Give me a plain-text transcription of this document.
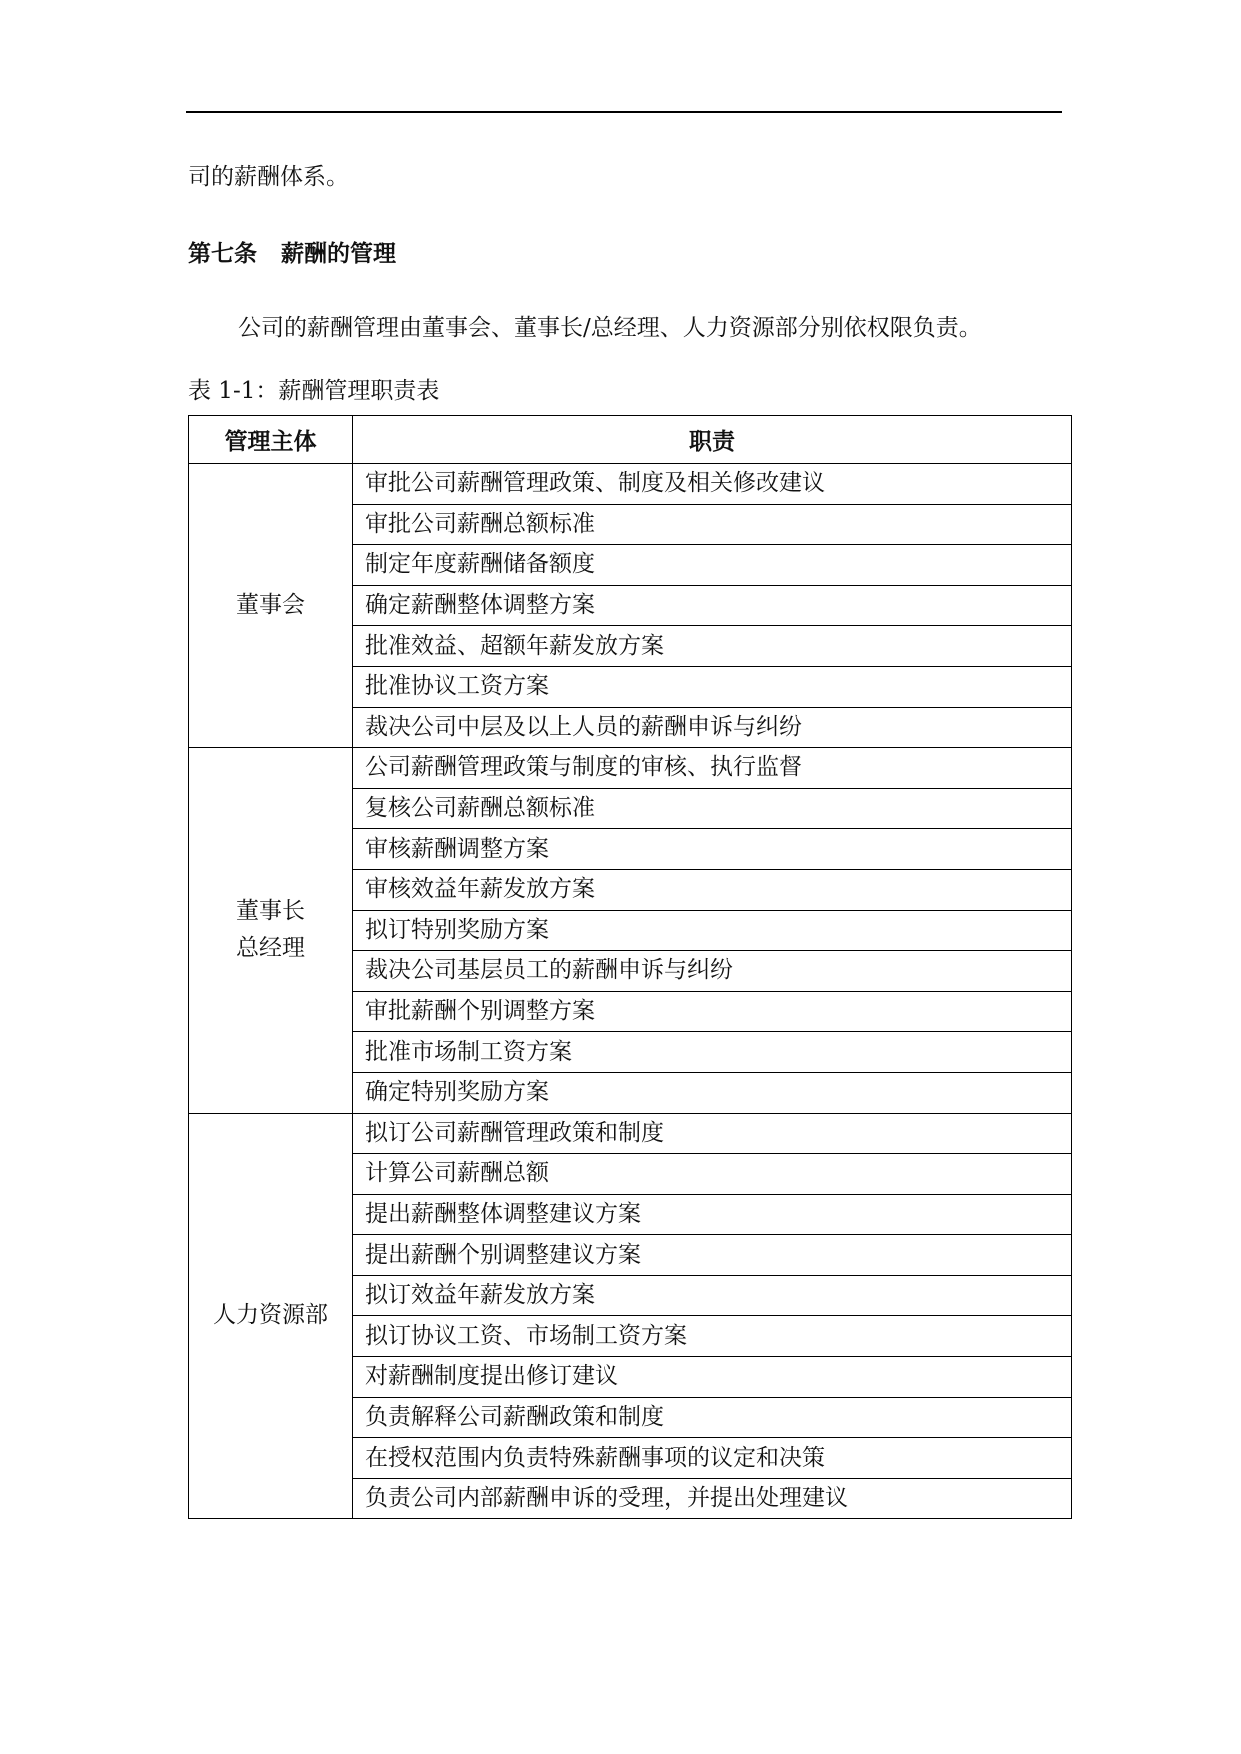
司的薪酬体系。
第七条 薪酬的管理
公司的薪酬管理由董事会、董事长/总经理、人力资源部分别依权限负责。
表 1-1：薪酬管理职责表
管理主体	职责

董事会	审批公司薪酬管理政策、制度及相关修改建议
	审批公司薪酬总额标准
	制定年度薪酬储备额度
	确定薪酬整体调整方案
	批准效益、超额年薪发放方案
	批准协议工资方案
	裁决公司中层及以上人员的薪酬申诉与纠纷

董事长
总经理	公司薪酬管理政策与制度的审核、执行监督
	复核公司薪酬总额标准
	审核薪酬调整方案
	审核效益年薪发放方案
	拟订特别奖励方案
	裁决公司基层员工的薪酬申诉与纠纷
	审批薪酬个别调整方案
	批准市场制工资方案
	确定特别奖励方案

人力资源部	拟订公司薪酬管理政策和制度
	计算公司薪酬总额
	提出薪酬整体调整建议方案
	提出薪酬个别调整建议方案
	拟订效益年薪发放方案
	拟订协议工资、市场制工资方案
	对薪酬制度提出修订建议
	负责解释公司薪酬政策和制度
	在授权范围内负责特殊薪酬事项的议定和决策
	负责公司内部薪酬申诉的受理，并提出处理建议
